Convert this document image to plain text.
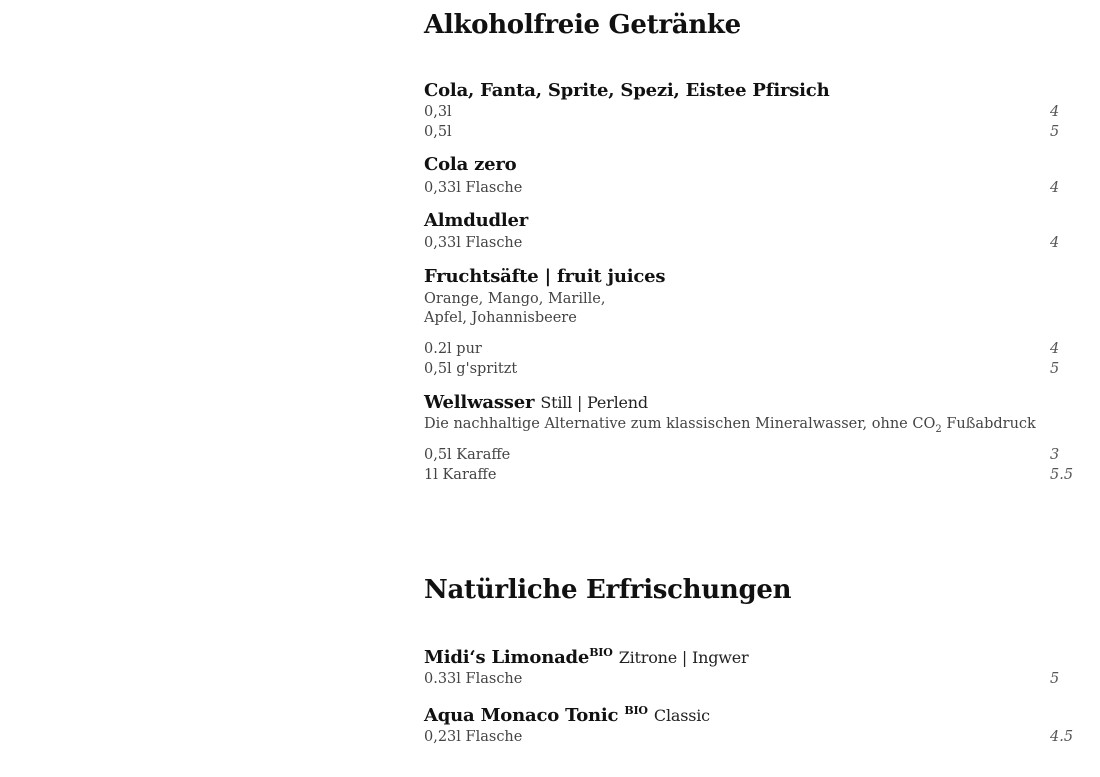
Alkoholfreie Getränke
Cola, Fanta, Sprite, Spezi, Eistee Pfirsich
0,3l	4
0,5l	5
Cola zero
0,33l Flasche	4
Almdudler
0,33l Flasche	4
Fruchtsäfte | fruit juices
Orange, Mango, Marille,
Apfel, Johannisbeere
0.2l pur	4
0,5l g'spritzt	5
Wellwasser Still | Perlend
Die nachhaltige Alternative zum klassischen Mineralwasser, ohne $CO_2$ Fußabdruck
0,5l Karaffe	3
1l Karaffe	5.5
Natürliche Erfrischungen
Midi‘s Limonade$^{BIO}$ Zitrone | Ingwer
0.33l Flasche	5
Aqua Monaco Tonic $^{BIO}$ Classic
0,23l Flasche	4.5
